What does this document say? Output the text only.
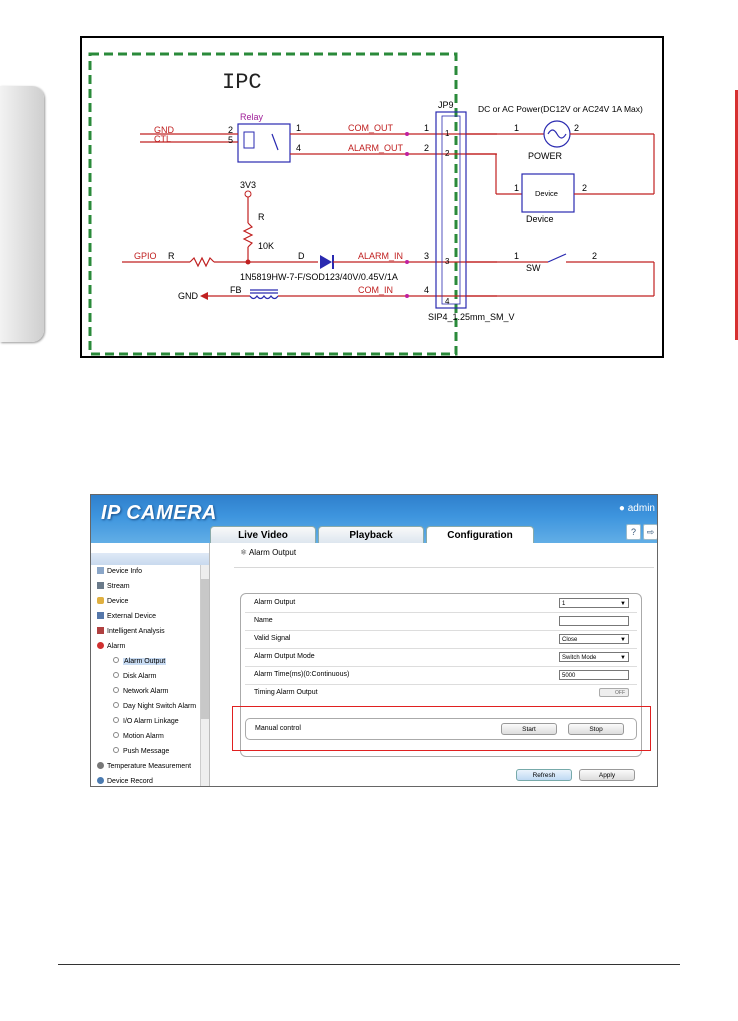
IPC
Relay
GND
CTL
2
5
1
4
COM_OUT
ALARM_OUT
1
2
3V3
R
10K
GPIO R	D
1N5819HW-7-F/SOD123/40V/0.45V/1A
ALARM_IN 3
GND
FB	COM_IN	4
JP9
1
2
3
4
SIP4_1.25mm_SM_V
DC or AC Power(DC12V or AC24V 1A Max)
1	2
POWER
Device
1	2
Device
1	2
SW
IP CAMERA	● admin
?	⇨
Live Video	Playback	Configuration
Device Info
Stream
Device
External Device
Intelligent Analysis
Alarm
Alarm Output
Disk Alarm
Network Alarm
Day Night Switch Alarm
I/O Alarm Linkage
Motion Alarm
Push Message
Temperature Measurement
Device Record
⚛ Alarm Output
Alarm Output	1	▼
Name
Valid Signal	Close	▼
Alarm Output Mode	Switch Mode	▼
Alarm Time(ms)(0:Continuous)	5000
Timing Alarm Output	OFF
Manual control	Start	Stop
Refresh	Apply
